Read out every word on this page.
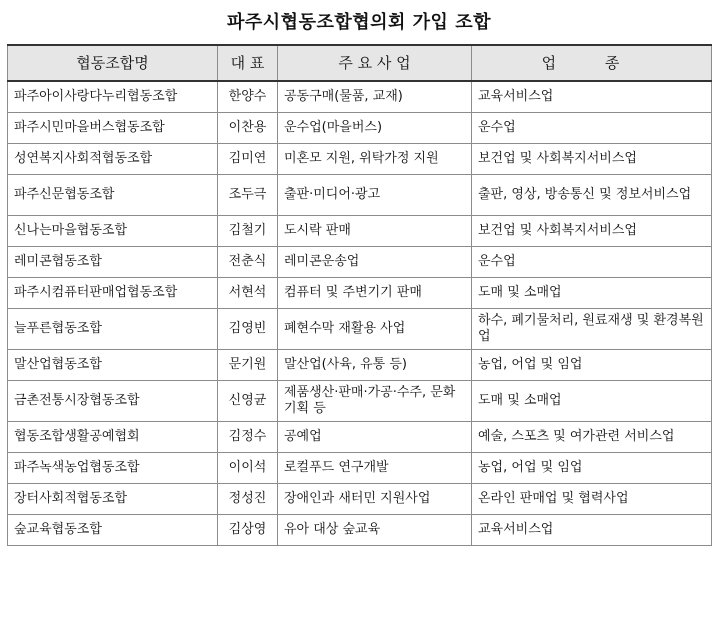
파주시협동조합협의회 가입 조합
협동조합명	대 표	주 요 사 업	업 종
파주아이사랑다누리협동조합	한양수	공동구매(물품, 교재)	교육서비스업
파주시민마을버스협동조합	이찬용	운수업(마을버스)	운수업
성연복지사회적협동조합	김미연	미혼모 지원, 위탁가정 지원	보건업 및 사회복지서비스업
파주신문협동조합	조두극	출판·미디어·광고	출판, 영상, 방송통신 및 정보서비스업
신나는마을협동조합	김철기	도시락 판매	보건업 및 사회복지서비스업
레미콘협동조합	전춘식	레미콘운송업	운수업
파주시컴퓨터판매업협동조합	서현석	컴퓨터 및 주변기기 판매	도매 및 소매업
늘푸른협동조합	김영빈	폐현수막 재활용 사업	하수, 폐기물처리, 원료재생 및 환경복원업
말산업협동조합	문기원	말산업(사육, 유통 등)	농업, 어업 및 임업
금촌전통시장협동조합	신영균	제품생산·판매·가공·수주, 문화기획 등	도매 및 소매업
협동조합생활공예협회	김정수	공예업	예술, 스포츠 및 여가관련 서비스업
파주녹색농업협동조합	이이석	로컬푸드 연구개발	농업, 어업 및 임업
장터사회적협동조합	정성진	장애인과 새터민 지원사업	온라인 판매업 및 협력사업
숲교육협동조합	김상영	유아 대상 숲교육	교육서비스업
